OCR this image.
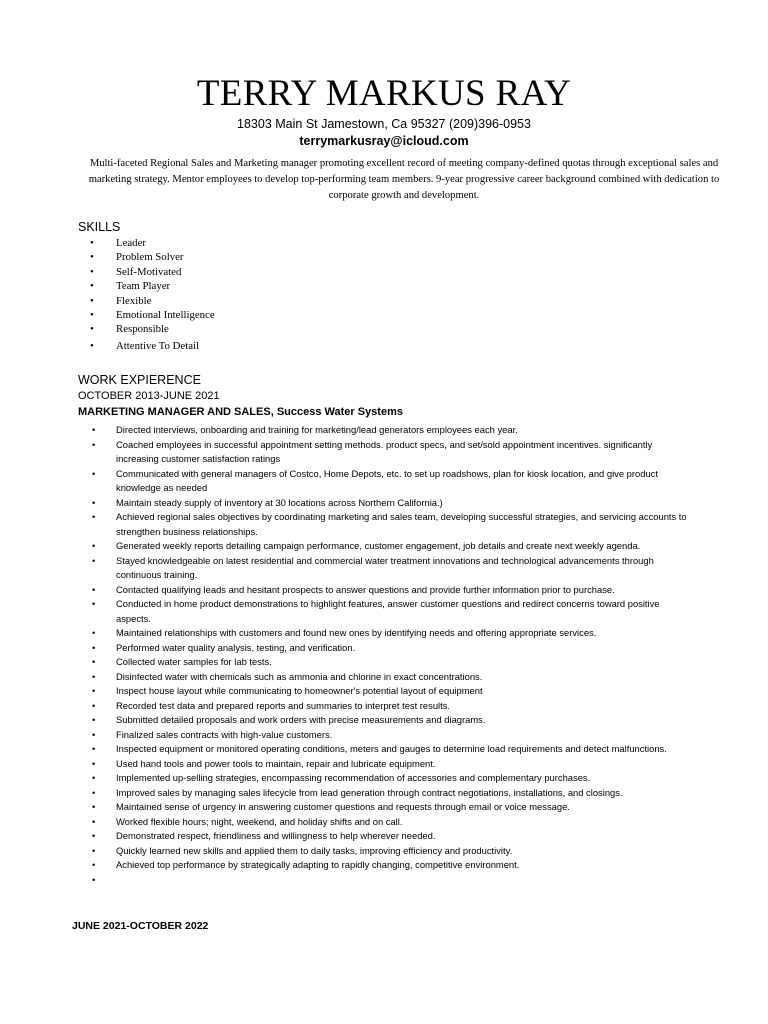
TERRY MARKUS RAY
18303 Main St Jamestown, Ca 95327 (209)396-0953
terrymarkusray@icloud.com
Multi-faceted Regional Sales and Marketing manager promoting excellent record of meeting company-defined quotas through exceptional sales and marketing strategy. Mentor employees to develop top-performing team members. 9-year progressive career background combined with dedication to corporate growth and development.
SKILLS
• Leader
• Problem Solver
• Self-Motivated
• Team Player
• Flexible
• Emotional Intelligence
• Responsible
• Attentive To Detail
WORK EXPIERENCE
OCTOBER 2013-JUNE 2021
MARKETING MANAGER AND SALES, Success Water Systems
• Directed interviews, onboarding and training for marketing/lead generators employees each year.
• Coached employees in successful appointment setting methods. product specs, and set/sold appointment incentives. significantly increasing customer satisfaction ratings
• Communicated with general managers of Costco, Home Depots, etc. to set up roadshows, plan for kiosk location, and give product knowledge as needed
• Maintain steady supply of inventory at 30 locations across Northern California.)
• Achieved regional sales objectives by coordinating marketing and sales team, developing successful strategies, and servicing accounts to strengthen business relationships.
• Generated weekly reports detailing campaign performance, customer engagement, job details and create next weekly agenda.
• Stayed knowledgeable on latest residential and commercial water treatment innovations and technological advancements through continuous training.
• Contacted qualifying leads and hesitant prospects to answer questions and provide further information prior to purchase.
• Conducted in home product demonstrations to highlight features, answer customer questions and redirect concerns toward positive aspects.
• Maintained relationships with customers and found new ones by identifying needs and offering appropriate services.
• Performed water quality analysis, testing, and verification.
• Collected water samples for lab tests.
• Disinfected water with chemicals such as ammonia and chlorine in exact concentrations.
• Inspect house layout while communicating to homeowner's potential layout of equipment
• Recorded test data and prepared reports and summaries to interpret test results.
• Submitted detailed proposals and work orders with precise measurements and diagrams.
• Finalized sales contracts with high-value customers.
• Inspected equipment or monitored operating conditions, meters and gauges to determine load requirements and detect malfunctions.
• Used hand tools and power tools to maintain, repair and lubricate equipment.
• Implemented up-selling strategies, encompassing recommendation of accessories and complementary purchases.
• Improved sales by managing sales lifecycle from lead generation through contract negotiations, installations, and closings.
• Maintained sense of urgency in answering customer questions and requests through email or voice message.
• Worked flexible hours; night, weekend, and holiday shifts and on call.
• Demonstrated respect, friendliness and willingness to help wherever needed.
• Quickly learned new skills and applied them to daily tasks, improving efficiency and productivity.
• Achieved top performance by strategically adapting to rapidly changing, competitive environment.
•
JUNE 2021-OCTOBER 2022
